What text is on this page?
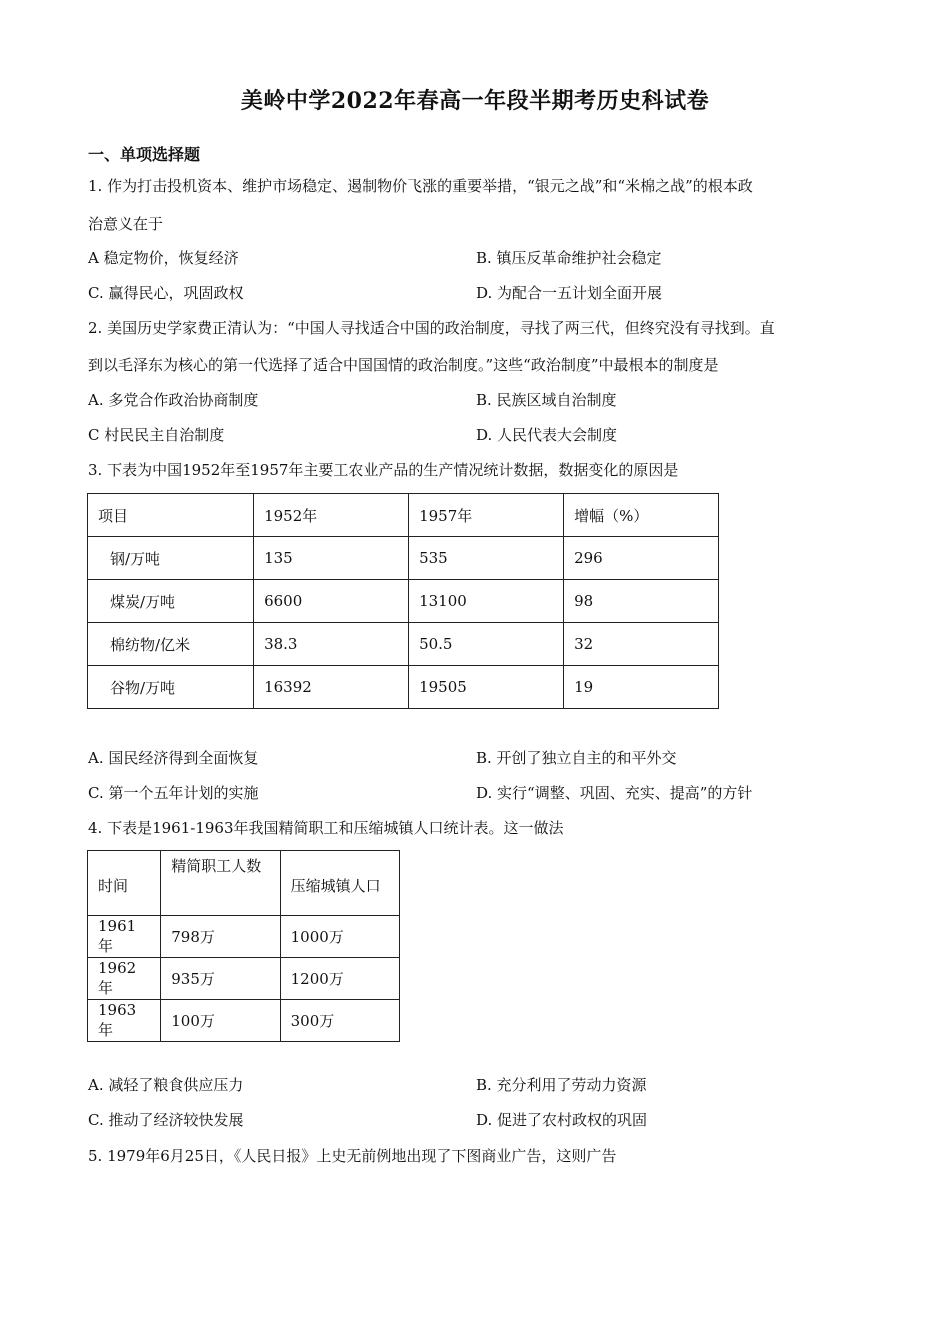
美岭中学2022年春高一年段半期考历史科试卷
一、单项选择题
1. 作为打击投机资本、维护市场稳定、遏制物价飞涨的重要举措，“银元之战”和“米棉之战”的根本政
治意义在于
A 稳定物价，恢复经济	B. 镇压反革命维护社会稳定
C. 赢得民心，巩固政权	D. 为配合一五计划全面开展
2. 美国历史学家费正清认为：“中国人寻找适合中国的政治制度，寻找了两三代，但终究没有寻找到。直
到以毛泽东为核心的第一代选择了适合中国国情的政治制度。”这些“政治制度”中最根本的制度是
A. 多党合作政治协商制度	B. 民族区域自治制度
C 村民民主自治制度	D. 人民代表大会制度
3. 下表为中国1952年至1957年主要工农业产品的生产情况统计数据，数据变化的原因是
项目	1952年	1957年	增幅（%）
钢/万吨	135	535	296
煤炭/万吨	6600	13100	98
棉纺物/亿米	38.3	50.5	32
谷物/万吨	16392	19505	19
A. 国民经济得到全面恢复	B. 开创了独立自主的和平外交
C. 第一个五年计划的实施	D. 实行“调整、巩固、充实、提高”的方针
4. 下表是1961-1963年我国精简职工和压缩城镇人口统计表。这一做法
时间	精简职工人数	压缩城镇人口
1961年	798万	1000万
1962年	935万	1200万
1963年	100万	300万
A. 减轻了粮食供应压力	B. 充分利用了劳动力资源
C. 推动了经济较快发展	D. 促进了农村政权的巩固
5. 1979年6月25日，《人民日报》上史无前例地出现了下图商业广告，这则广告
